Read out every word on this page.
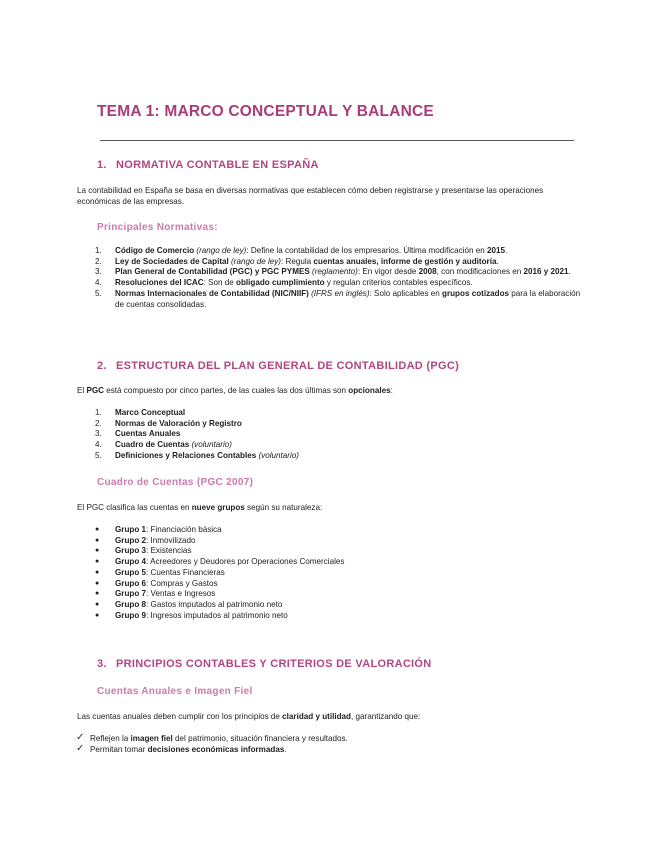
TEMA 1: MARCO CONCEPTUAL Y BALANCE
1. NORMATIVA CONTABLE EN ESPAÑA

La contabilidad en España se basa en diversas normativas que establecen cómo deben registrarse y presentarse las operaciones económicas de las empresas.

Principales Normativas:
1.	Código de Comercio (rango de ley): Define la contabilidad de los empresarios. Última modificación en 2015.
2.	Ley de Sociedades de Capital (rango de ley): Regula cuentas anuales, informe de gestión y auditoría.
3.	Plan General de Contabilidad (PGC) y PGC PYMES (reglamento): En vigor desde 2008, con modificaciones en 2016 y 2021.
4.	Resoluciones del ICAC: Son de obligado cumplimiento y regulan criterios contables específicos.
5.	Normas Internacionales de Contabilidad (NIC/NIIF) (IFRS en inglés): Solo aplicables en grupos cotizados para la elaboración de cuentas consolidadas.
2. ESTRUCTURA DEL PLAN GENERAL DE CONTABILIDAD (PGC)

El PGC está compuesto por cinco partes, de las cuales las dos últimas son opcionales:

1.	Marco Conceptual
2.	Normas de Valoración y Registro
3.	Cuentas Anuales
4.	Cuadro de Cuentas (voluntario)
5.	Definiciones y Relaciones Contables (voluntario)
Cuadro de Cuentas (PGC 2007)

El PGC clasifica las cuentas en nueve grupos según su naturaleza:

●	Grupo 1: Financiación básica
●	Grupo 2: Inmovilizado
●	Grupo 3: Existencias
●	Grupo 4: Acreedores y Deudores por Operaciones Comerciales
●	Grupo 5: Cuentas Financieras
●	Grupo 6: Compras y Gastos
●	Grupo 7: Ventas e Ingresos
●	Grupo 8: Gastos imputados al patrimonio neto
●	Grupo 9: Ingresos imputados al patrimonio neto
3. PRINCIPIOS CONTABLES Y CRITERIOS DE VALORACIÓN
Cuentas Anuales e Imagen Fiel

Las cuentas anuales deben cumplir con los principios de claridad y utilidad, garantizando que:

✓ Reflejen la imagen fiel del patrimonio, situación financiera y resultados.
✓ Permitan tomar decisiones económicas informadas.
